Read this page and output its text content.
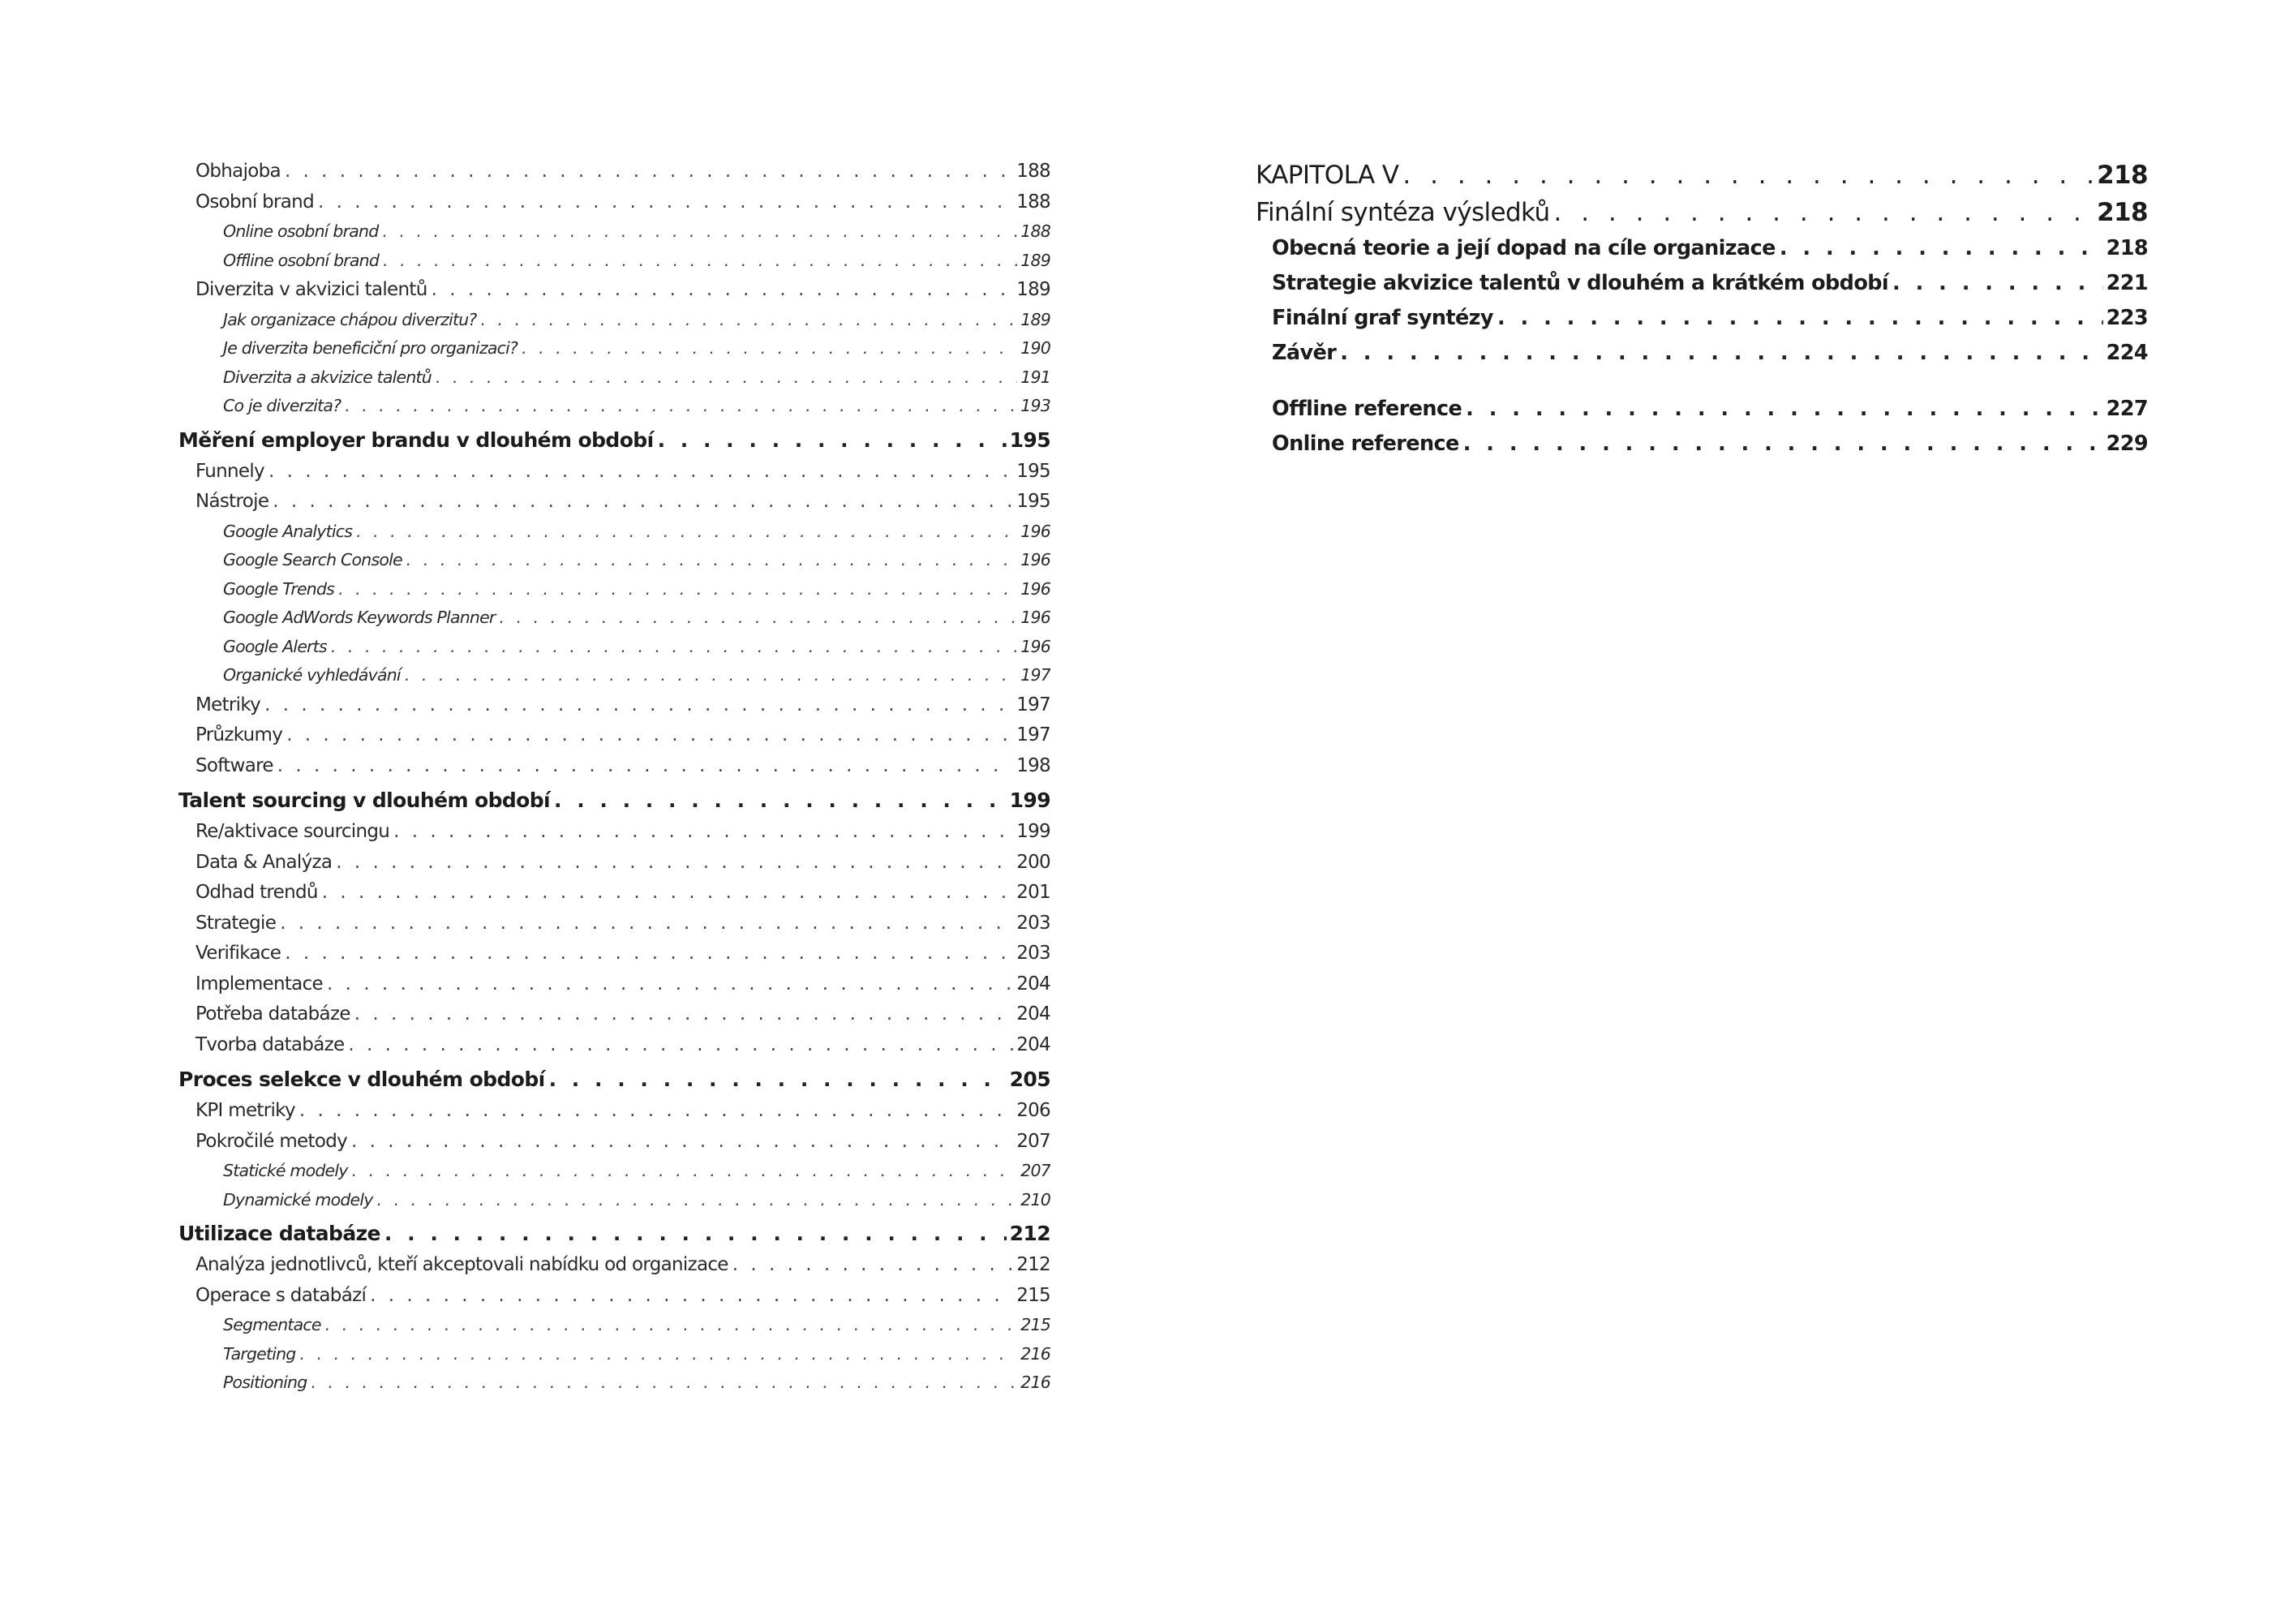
Obhajoba . . .	188
Osobní brand . . .	188
Online osobní brand . . .	188
Offline osobní brand . . .	189
Diverzita v akvizici talentů . . .	189
Jak organizace chápou diverzitu? . . .	189
Je diverzita beneficiční pro organizaci? . . .	190
Diverzita a akvizice talentů . . .	191
Co je diverzita? . . .	193
Měření employer brandu v dlouhém období . . .	195
Funnely . . .	195
Nástroje . . .	195
Google Analytics . . .	196
Google Search Console . . .	196
Google Trends . . .	196
Google AdWords Keywords Planner . . .	196
Google Alerts . . .	196
Organické vyhledávání . . .	197
Metriky . . .	197
Průzkumy . . .	197
Software . . .	198
Talent sourcing v dlouhém období . . .	199
Re/aktivace sourcingu . . .	199
Data & Analýza . . .	200
Odhad trendů . . .	201
Strategie . . .	203
Verifikace . . .	203
Implementace . . .	204
Potřeba databáze . . .	204
Tvorba databáze . . .	204
Proces selekce v dlouhém období . . .	205
KPI metriky . . .	206
Pokročilé metody . . .	207
Statické modely . . .	207
Dynamické modely . . .	210
Utilizace databáze . . .	212
Analýza jednotlivců, kteří akceptovali nabídku od organizace . . .	212
Operace s databází . . .	215
Segmentace . . .	215
Targeting . . .	216
Positioning . . .	216
KAPITOLA V . . .	218
Finální syntéza výsledků . . .	218
Obecná teorie a její dopad na cíle organizace . . .	218
Strategie akvizice talentů v dlouhém a krátkém období . . .	221
Finální graf syntézy . . .	223
Závěr . . .	224
Offline reference . . .	227
Online reference . . .	229
